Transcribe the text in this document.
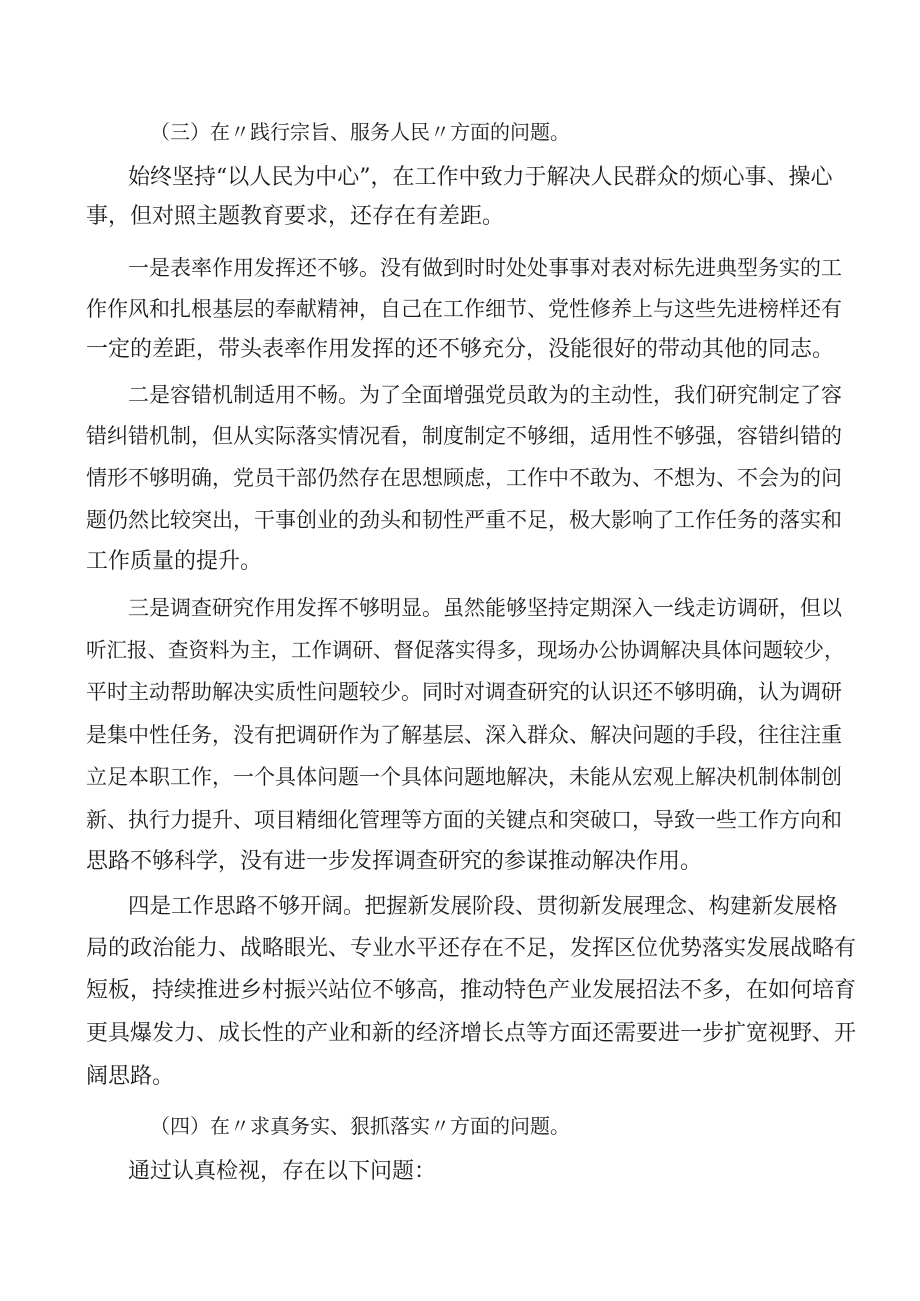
（三）在〃践行宗旨、服务人民〃方面的问题。
始终坚持“以人民为中心”，在工作中致力于解决人民群众的烦心事、操心
事，但对照主题教育要求，还存在有差距。
一是表率作用发挥还不够。没有做到时时处处事事对表对标先进典型务实的工
作作风和扎根基层的奉献精神，自己在工作细节、党性修养上与这些先进榜样还有
一定的差距，带头表率作用发挥的还不够充分，没能很好的带动其他的同志。
二是容错机制适用不畅。为了全面增强党员敢为的主动性，我们研究制定了容
错纠错机制，但从实际落实情况看，制度制定不够细，适用性不够强，容错纠错的
情形不够明确，党员干部仍然存在思想顾虑，工作中不敢为、不想为、不会为的问
题仍然比较突出，干事创业的劲头和韧性严重不足，极大影响了工作任务的落实和
工作质量的提升。
三是调查研究作用发挥不够明显。虽然能够坚持定期深入一线走访调研，但以
听汇报、查资料为主，工作调研、督促落实得多，现场办公协调解决具体问题较少，
平时主动帮助解决实质性问题较少。同时对调查研究的认识还不够明确，认为调研
是集中性任务，没有把调研作为了解基层、深入群众、解决问题的手段，往往注重
立足本职工作，一个具体问题一个具体问题地解决，未能从宏观上解决机制体制创
新、执行力提升、项目精细化管理等方面的关键点和突破口，导致一些工作方向和
思路不够科学，没有进一步发挥调查研究的参谋推动解决作用。
四是工作思路不够开阔。把握新发展阶段、贯彻新发展理念、构建新发展格
局的政治能力、战略眼光、专业水平还存在不足，发挥区位优势落实发展战略有
短板，持续推进乡村振兴站位不够高，推动特色产业发展招法不多，在如何培育
更具爆发力、成长性的产业和新的经济增长点等方面还需要进一步扩宽视野、开
阔思路。
（四）在〃求真务实、狠抓落实〃方面的问题。
通过认真检视，存在以下问题：
